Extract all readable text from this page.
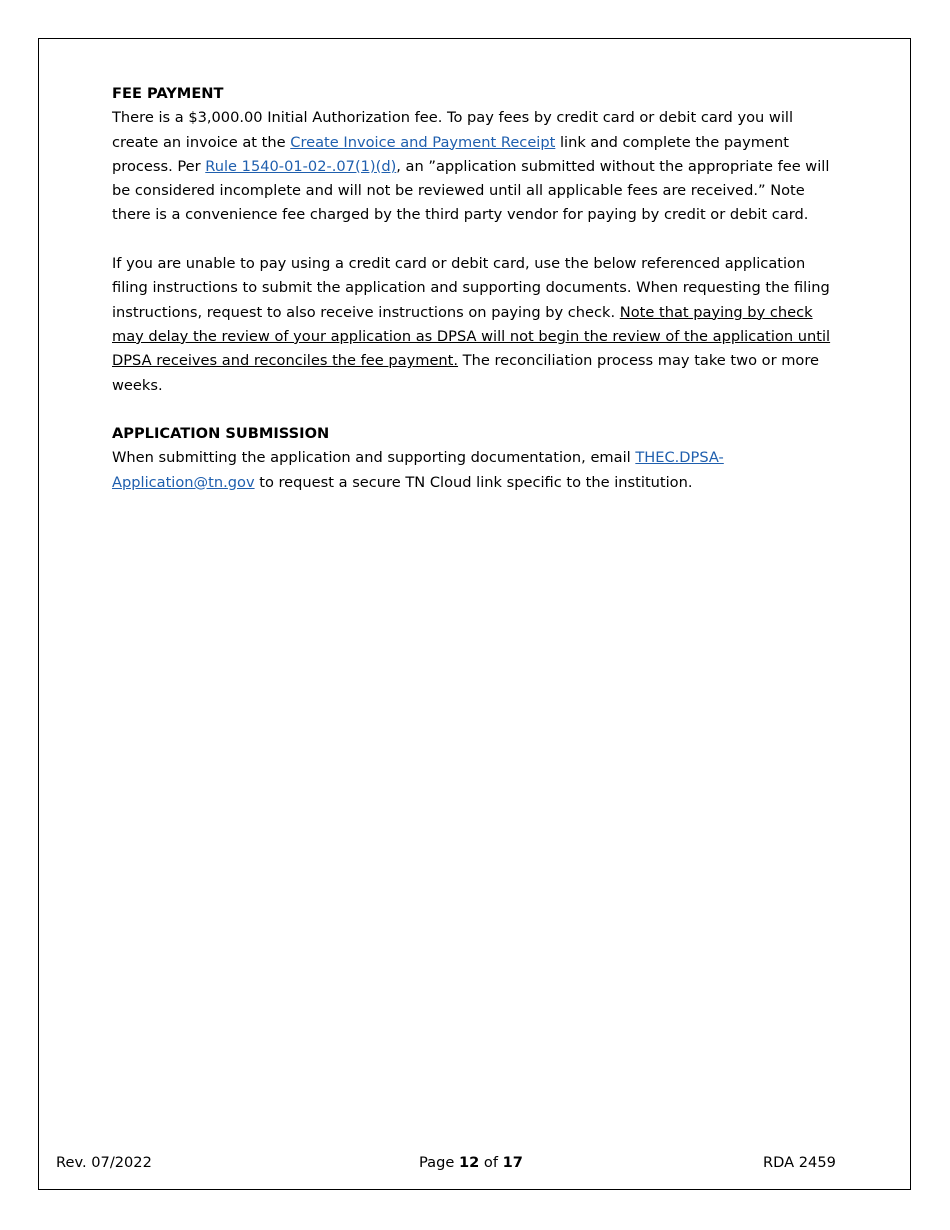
FEE PAYMENT

There is a $3,000.00 Initial Authorization fee. To pay fees by credit card or debit card you will create an invoice at the Create Invoice and Payment Receipt link and complete the payment process. Per Rule 1540-01-02-.07(1)(d), an ”application submitted without the appropriate fee will be considered incomplete and will not be reviewed until all applicable fees are received.” Note there is a convenience fee charged by the third party vendor for paying by credit or debit card.

If you are unable to pay using a credit card or debit card, use the below referenced application filing instructions to submit the application and supporting documents. When requesting the filing instructions, request to also receive instructions on paying by check. Note that paying by check may delay the review of your application as DPSA will not begin the review of the application until DPSA receives and reconciles the fee payment. The reconciliation process may take two or more weeks.

APPLICATION SUBMISSION

When submitting the application and supporting documentation, email THEC.DPSA-Application@tn.gov to request a secure TN Cloud link specific to the institution.

Rev. 07/2022	Page 12 of 17	RDA 2459
